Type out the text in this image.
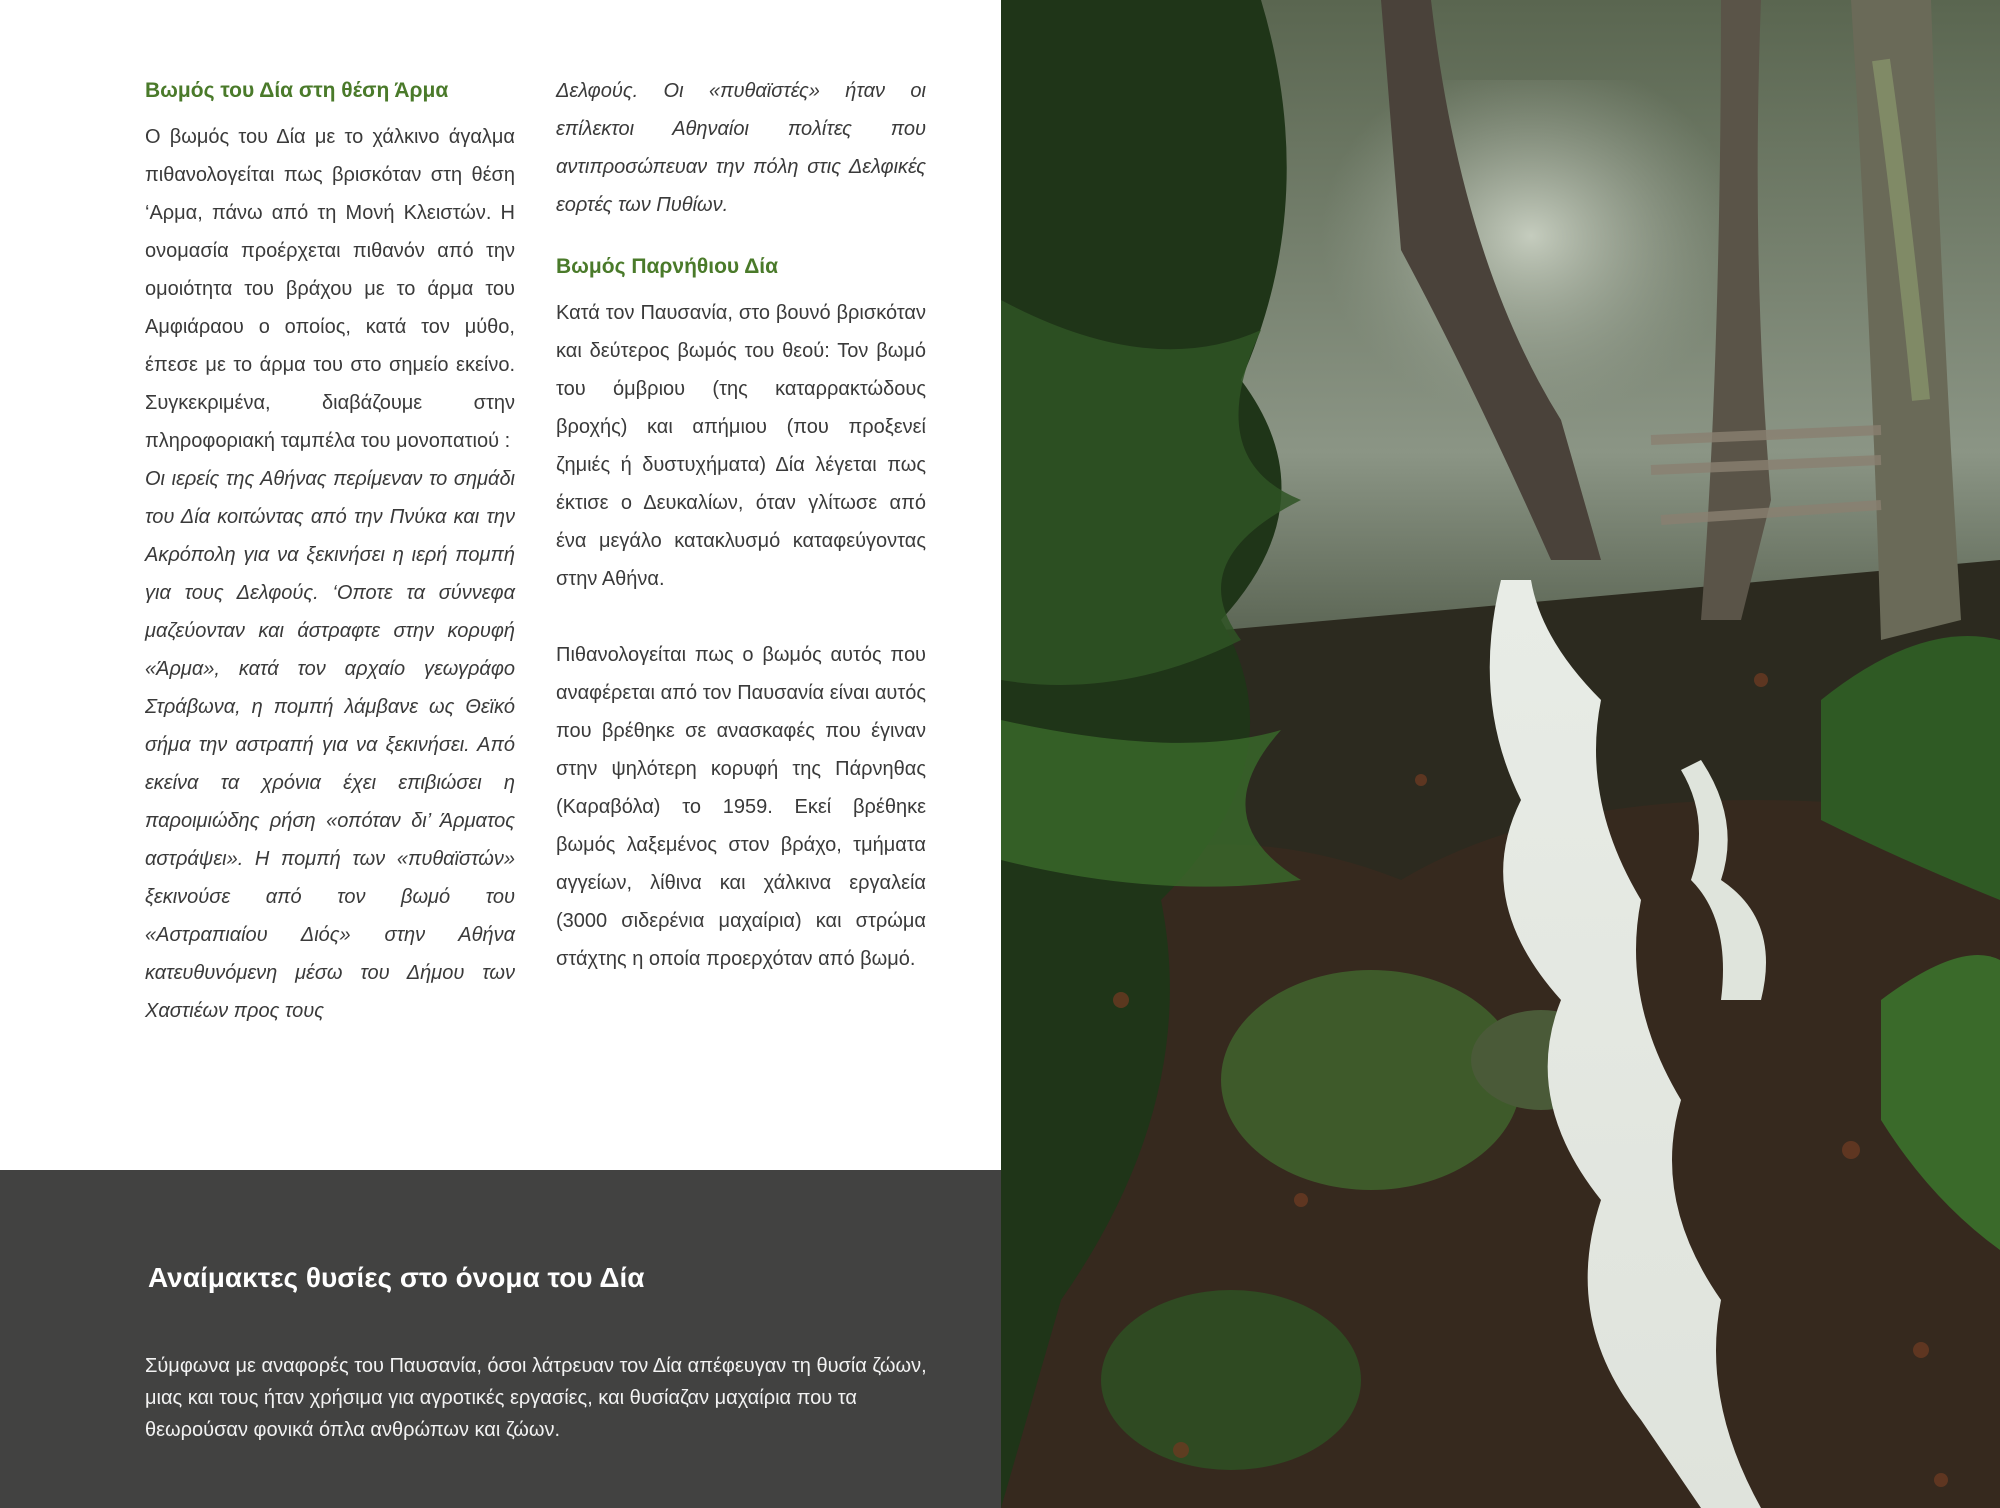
Βωμός του Δία στη θέση Άρμα

Ο βωμός του Δία με το χάλκινο άγαλμα πιθανολογείται πως βρισκόταν στη θέση ‘Αρμα, πάνω από τη Μονή Κλειστών. Η ονομασία προέρχεται πιθανόν από την ομοιότητα του βράχου με το άρμα του Αμφιάραου ο οποίος, κατά τον μύθο, έπεσε με το άρμα του στο σημείο εκείνο. Συγκεκριμένα, διαβάζουμε στην πληροφοριακή ταμπέλα του μονοπατιού :

Οι ιερείς της Αθήνας περίμεναν το σημάδι του Δία κοιτώντας από την Πνύκα και την Ακρόπολη για να ξεκινήσει η ιερή πομπή για τους Δελφούς. ‘Οποτε τα σύννεφα μαζεύονταν και άστραφτε στην κορυφή «Άρμα», κατά τον αρχαίο γεωγράφο Στράβωνα, η πομπή λάμβανε ως Θεϊκό σήμα την αστραπή για να ξεκινήσει. Από εκείνα τα χρόνια έχει επιβιώσει η παροιμιώδης ρήση «οπόταν δι’ Άρματος αστράψει». Η πομπή των «πυθαϊστών» ξεκινούσε από τον βωμό του «Αστραπιαίου Διός» στην Αθήνα κατευθυνόμενη μέσω του Δήμου των Χαστιέων προς τους

Δελφούς. Οι «πυθαϊστές» ήταν οι επίλεκτοι Αθηναίοι πολίτες που αντιπροσώπευαν την πόλη στις Δελφικές εορτές των Πυθίων.

Βωμός Παρνήθιου Δία

Κατά τον Παυσανία, στο βουνό βρισκόταν και δεύτερος βωμός του θεού: Τον βωμό του όμβριου (της καταρρακτώδους βροχής) και απήμιου (που προξενεί ζημιές ή δυστυχήματα) Δία λέγεται πως έκτισε ο Δευκαλίων, όταν γλίτωσε από ένα μεγάλο κατακλυσμό καταφεύγοντας στην Αθήνα.

Πιθανολογείται πως ο βωμός αυτός που αναφέρεται από τον Παυσανία είναι αυτός που βρέθηκε σε ανασκαφές που έγιναν στην ψηλότερη κορυφή της Πάρνηθας (Καραβόλα) το 1959. Εκεί βρέθηκε βωμός λαξεμένος στον βράχο, τμήματα αγγείων, λίθινα και χάλκινα εργαλεία (3000 σιδερένια μαχαίρια) και στρώμα στάχτης η οποία προερχόταν από βωμό.

Αναίμακτες θυσίες στο όνομα του Δία

Σύμφωνα με αναφορές του Παυσανία, όσοι λάτρευαν τον Δία απέφευγαν τη θυσία ζώων, μιας και τους ήταν χρήσιμα για αγροτικές εργασίες, και θυσίαζαν μαχαίρια που τα θεωρούσαν φονικά όπλα ανθρώπων και ζώων.
